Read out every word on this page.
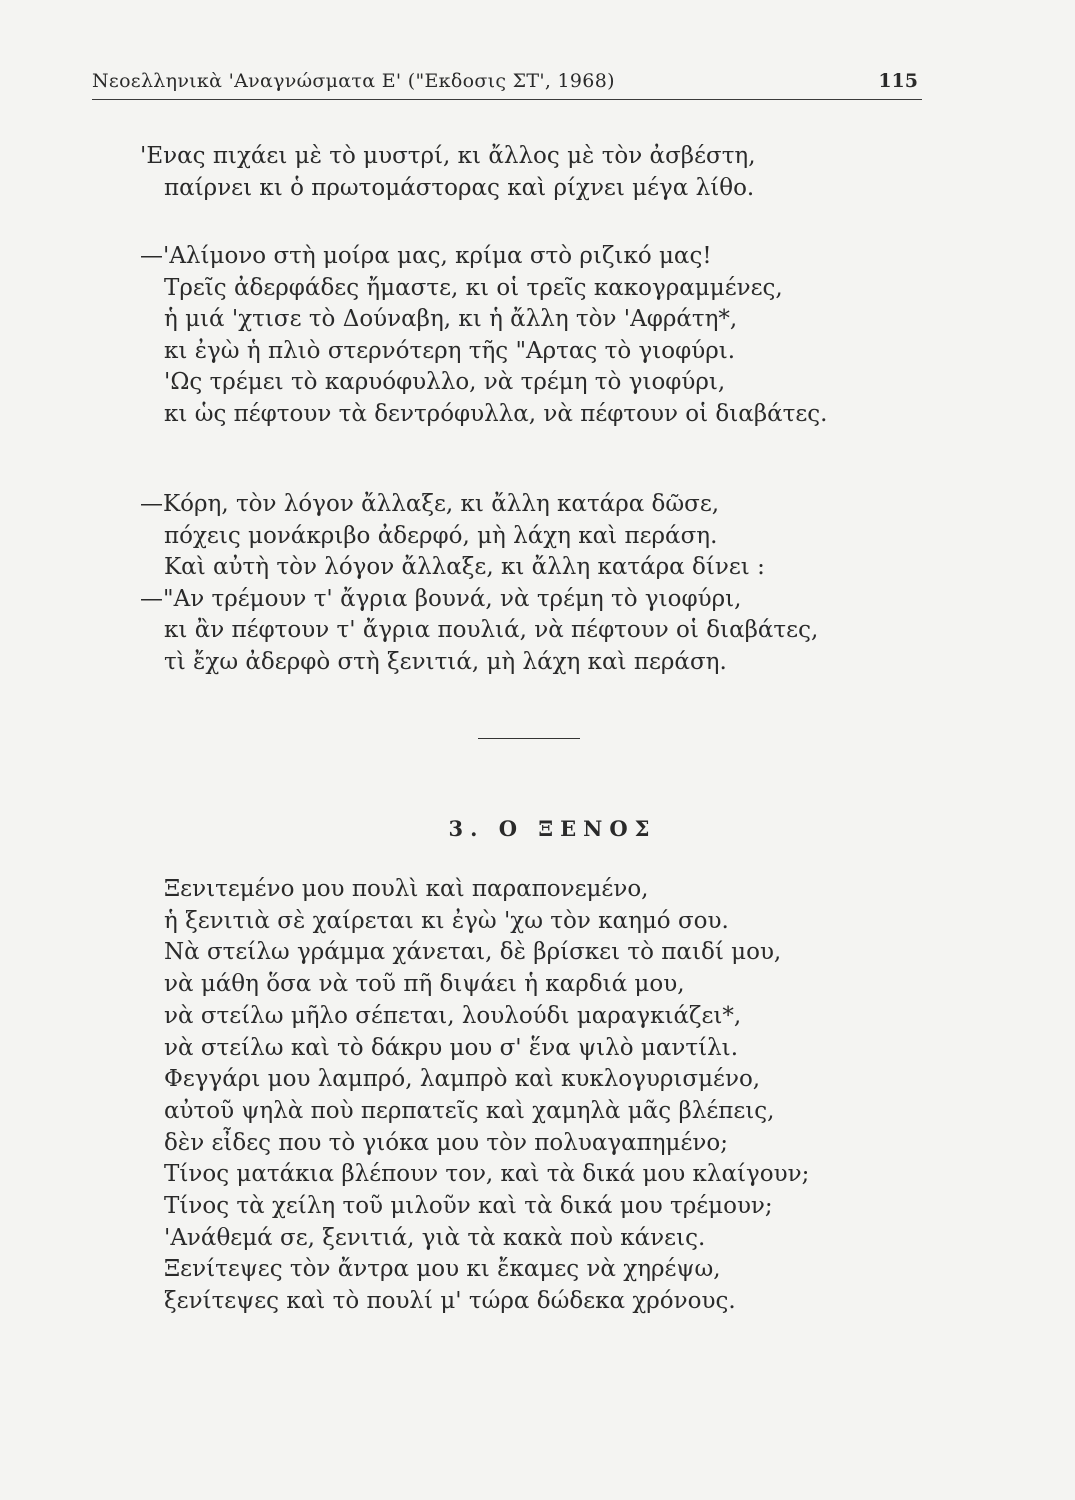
Νεοελληνικὰ 'Αναγνώσματα Ε' ("Εκδοσις ΣΤ', 1968)	115
'Ενας πιχάει μὲ τὸ μυστρί, κι ἄλλος μὲ τὸν ἀσβέστη,
παίρνει κι ὁ πρωτομάστορας καὶ ρίχνει μέγα λίθο.
—'Αλίμονο στὴ μοίρα μας, κρίμα στὸ ριζικό μας!
Τρεῖς ἀδερφάδες ἤμαστε, κι οἱ τρεῖς κακογραμμένες,
ἡ μιά 'χτισε τὸ Δούναβη, κι ἡ ἄλλη τὸν 'Αφράτη*,
κι ἐγὼ ἡ πλιὸ στερνότερη τῆς "Αρτας τὸ γιοφύρι.
'Ως τρέμει τὸ καρυόφυλλο, νὰ τρέμη τὸ γιοφύρι,
κι ὡς πέφτουν τὰ δεντρόφυλλα, νὰ πέφτουν οἱ διαβάτες.
—Κόρη, τὸν λόγον ἄλλαξε, κι ἄλλη κατάρα δῶσε,
πόχεις μονάκριβο ἀδερφό, μὴ λάχη καὶ περάση.
Καὶ αὐτὴ τὸν λόγον ἄλλαξε, κι ἄλλη κατάρα δίνει :
—"Αν τρέμουν τ' ἄγρια βουνά, νὰ τρέμη τὸ γιοφύρι,
κι ἂν πέφτουν τ' ἄγρια πουλιά, νὰ πέφτουν οἱ διαβάτες,
τὶ ἔχω ἀδερφὸ στὴ ξενιτιά, μὴ λάχη καὶ περάση.
3. Ο ΞΕΝΟΣ
Ξενιτεμένο μου πουλὶ καὶ παραπονεμένο,
ἡ ξενιτιὰ σὲ χαίρεται κι ἐγὼ 'χω τὸν καημό σου.
Νὰ στείλω γράμμα χάνεται, δὲ βρίσκει τὸ παιδί μου,
νὰ μάθη ὅσα νὰ τοῦ πῆ διψάει ἡ καρδιά μου,
νὰ στείλω μῆλο σέπεται, λουλούδι μαραγκιάζει*,
νὰ στείλω καὶ τὸ δάκρυ μου σ' ἕνα ψιλὸ μαντίλι.
Φεγγάρι μου λαμπρό, λαμπρὸ καὶ κυκλογυρισμένο,
αὐτοῦ ψηλὰ ποὺ περπατεῖς καὶ χαμηλὰ μᾶς βλέπεις,
δὲν εἶδες που τὸ γιόκα μου τὸν πολυαγαπημένο;
Τίνος ματάκια βλέπουν τον, καὶ τὰ δικά μου κλαίγουν;
Τίνος τὰ χείλη τοῦ μιλοῦν καὶ τὰ δικά μου τρέμουν;
'Ανάθεμά σε, ξενιτιά, γιὰ τὰ κακὰ ποὺ κάνεις.
Ξενίτεψες τὸν ἄντρα μου κι ἔκαμες νὰ χηρέψω,
ξενίτεψες καὶ τὸ πουλί μ' τώρα δώδεκα χρόνους.
